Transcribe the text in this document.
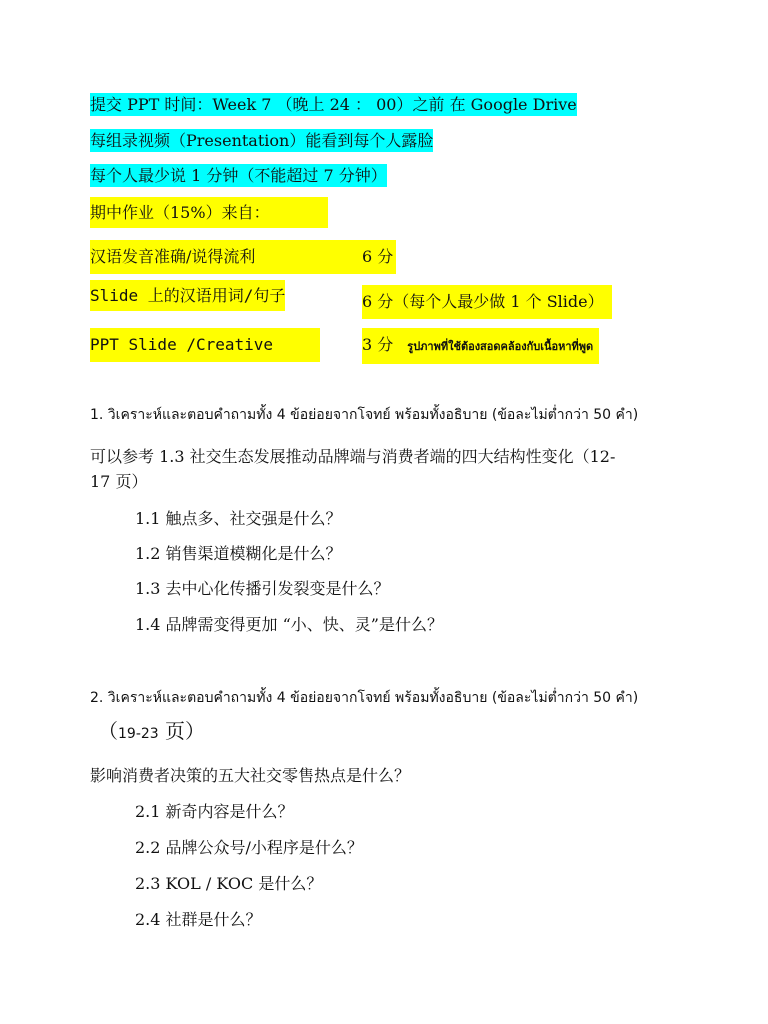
提交 PPT 时间：Week 7 （晚上 24 ： 00）之前 在 Google Drive
每组录视频（Presentation）能看到每个人露脸
每个人最少说 1 分钟（不能超过 7 分钟）
期中作业（15%）来自：
汉语发音准确/说得流利	6 分
Slide 上的汉语用词/句子	6 分（每个人最少做 1 个 Slide）
PPT Slide /Creative	3 分 รูปภาพที่ใช้ต้องสอดคล้องกับเนื้อหาที่พูด
1. วิเคราะห์และตอบคำถามทั้ง 4 ข้อย่อยจากโจทย์ พร้อมทั้งอธิบาย (ข้อละไม่ต่ำกว่า 50 คำ)
可以参考 1.3 社交生态发展推动品牌端与消费者端的四大结构性变化（12-
17 页）
1.1 触点多、社交强是什么？
1.2 销售渠道模糊化是什么？
1.3 去中心化传播引发裂变是什么？
1.4 品牌需变得更加 “小、快、灵”是什么？
2. วิเคราะห์และตอบคำถามทั้ง 4 ข้อย่อยจากโจทย์ พร้อมทั้งอธิบาย (ข้อละไม่ต่ำกว่า 50 คำ)
（19-23 页）
影响消费者决策的五大社交零售热点是什么？
2.1 新奇内容是什么？
2.2 品牌公众号/小程序是什么？
2.3 KOL / KOC 是什么？
2.4 社群是什么？
